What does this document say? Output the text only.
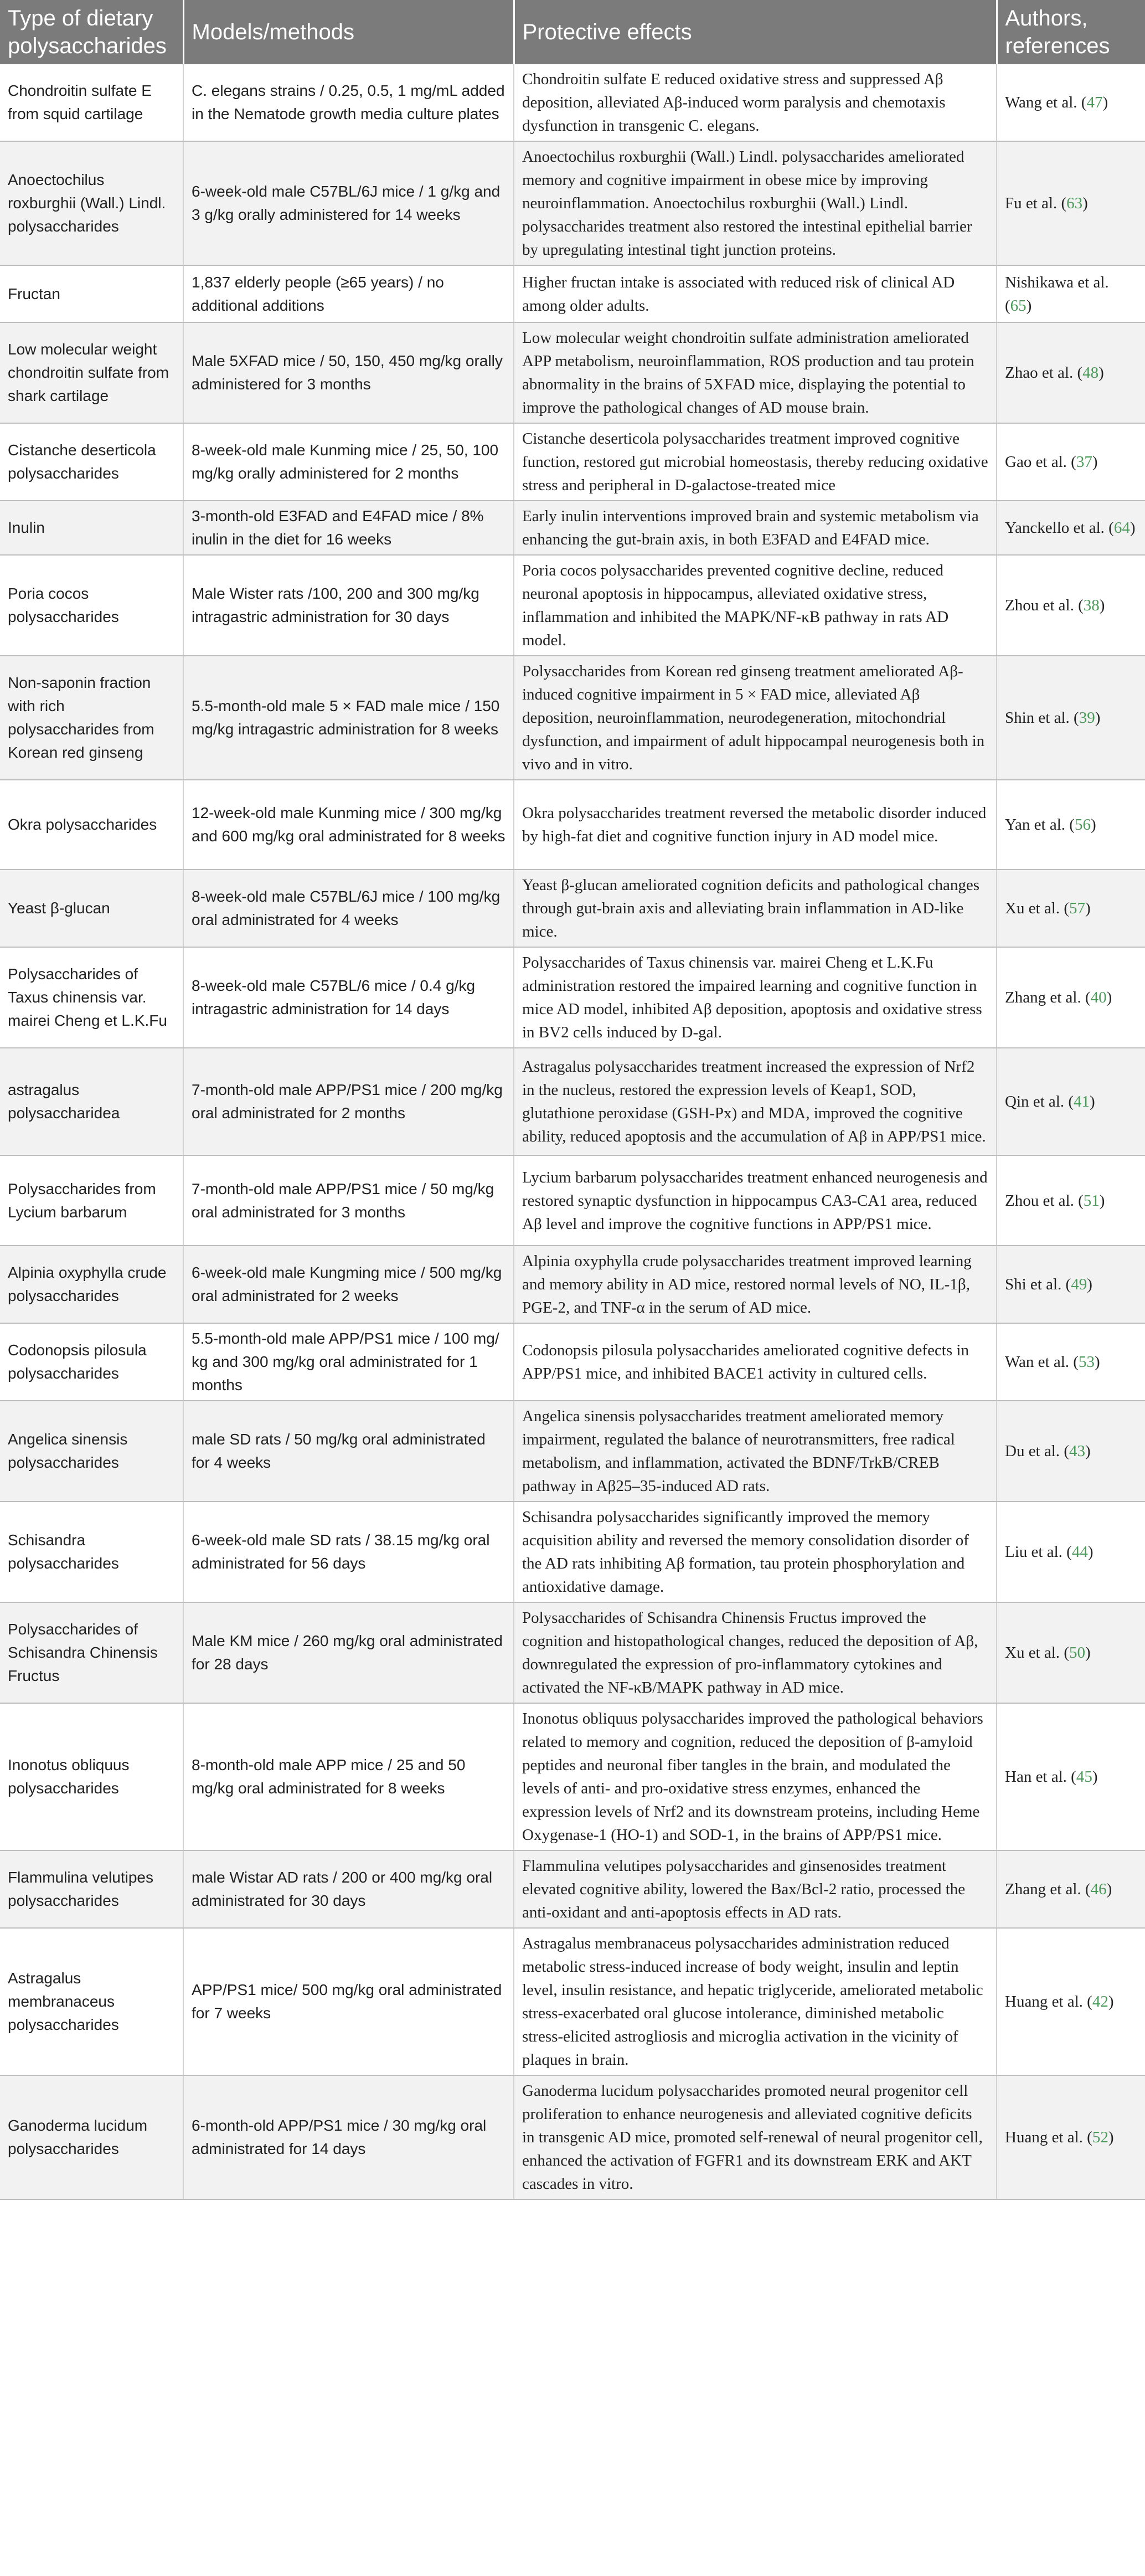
Type of dietary polysaccharides	Models/methods	Protective effects	Authors, references
Chondroitin sulfate E from squid cartilage	C. elegans strains / 0.25, 0.5, 1 mg/mL added in the Nematode growth media culture plates	Chondroitin sulfate E reduced oxidative stress and suppressed Aβ deposition, alleviated Aβ-induced worm paralysis and chemotaxis dysfunction in transgenic C. elegans.	Wang et al. (47)
Anoectochilus roxburghii (Wall.) Lindl. polysaccharides	6-week-old male C57BL/6J mice / 1 g/kg and 3 g/kg orally administered for 14 weeks	Anoectochilus roxburghii (Wall.) Lindl. polysaccharides ameliorated memory and cognitive impairment in obese mice by improving neuroinflammation. Anoectochilus roxburghii (Wall.) Lindl. polysaccharides treatment also restored the intestinal epithelial barrier by upregulating intestinal tight junction proteins.	Fu et al. (63)
Fructan	1,837 elderly people (≥65 years) / no additional additions	Higher fructan intake is associated with reduced risk of clinical AD among older adults.	Nishikawa et al. (65)
Low molecular weight chondroitin sulfate from shark cartilage	Male 5XFAD mice / 50, 150, 450 mg/kg orally administered for 3 months	Low molecular weight chondroitin sulfate administration ameliorated APP metabolism, neuroinflammation, ROS production and tau protein abnormality in the brains of 5XFAD mice, displaying the potential to improve the pathological changes of AD mouse brain.	Zhao et al. (48)
Cistanche deserticola polysaccharides	8-week-old male Kunming mice / 25, 50, 100 mg/kg orally administered for 2 months	Cistanche deserticola polysaccharides treatment improved cognitive function, restored gut microbial homeostasis, thereby reducing oxidative stress and peripheral in D-galactose-treated mice	Gao et al. (37)
Inulin	3-month-old E3FAD and E4FAD mice / 8% inulin in the diet for 16 weeks	Early inulin interventions improved brain and systemic metabolism via enhancing the gut-brain axis, in both E3FAD and E4FAD mice.	Yanckello et al. (64)
Poria cocos polysaccharides	Male Wister rats /100, 200 and 300 mg/kg intragastric administration for 30 days	Poria cocos polysaccharides prevented cognitive decline, reduced neuronal apoptosis in hippocampus, alleviated oxidative stress, inflammation and inhibited the MAPK/NF-κB pathway in rats AD model.	Zhou et al. (38)
Non-saponin fraction with rich polysaccharides from Korean red ginseng	5.5-month-old male 5 × FAD male mice / 150 mg/kg intragastric administration for 8 weeks	Polysaccharides from Korean red ginseng treatment ameliorated Aβ-induced cognitive impairment in 5 × FAD mice, alleviated Aβ deposition, neuroinflammation, neurodegeneration, mitochondrial dysfunction, and impairment of adult hippocampal neurogenesis both in vivo and in vitro.	Shin et al. (39)
Okra polysaccharides	12-week-old male Kunming mice / 300 mg/kg and 600 mg/kg oral administrated for 8 weeks	Okra polysaccharides treatment reversed the metabolic disorder induced by high-fat diet and cognitive function injury in AD model mice.	Yan et al. (56)
Yeast β-glucan	8-week-old male C57BL/6J mice / 100 mg/kg oral administrated for 4 weeks	Yeast β-glucan ameliorated cognition deficits and pathological changes through gut-brain axis and alleviating brain inflammation in AD-like mice.	Xu et al. (57)
Polysaccharides of Taxus chinensis var. mairei Cheng et L.K.Fu	8-week-old male C57BL/6 mice / 0.4 g/kg intragastric administration for 14 days	Polysaccharides of Taxus chinensis var. mairei Cheng et L.K.Fu administration restored the impaired learning and cognitive function in mice AD model, inhibited Aβ deposition, apoptosis and oxidative stress in BV2 cells induced by D-gal.	Zhang et al. (40)
astragalus polysaccharidea	7-month-old male APP/PS1 mice / 200 mg/kg oral administrated for 2 months	Astragalus polysaccharides treatment increased the expression of Nrf2 in the nucleus, restored the expression levels of Keap1, SOD, glutathione peroxidase (GSH-Px) and MDA, improved the cognitive ability, reduced apoptosis and the accumulation of Aβ in APP/PS1 mice.	Qin et al. (41)
Polysaccharides from Lycium barbarum	7-month-old male APP/PS1 mice / 50 mg/kg oral administrated for 3 months	Lycium barbarum polysaccharides treatment enhanced neurogenesis and restored synaptic dysfunction in hippocampus CA3-CA1 area, reduced Aβ level and improve the cognitive functions in APP/PS1 mice.	Zhou et al. (51)
Alpinia oxyphylla crude polysaccharides	6-week-old male Kungming mice / 500 mg/kg oral administrated for 2 weeks	Alpinia oxyphylla crude polysaccharides treatment improved learning and memory ability in AD mice, restored normal levels of NO, IL-1β, PGE-2, and TNF-α in the serum of AD mice.	Shi et al. (49)
Codonopsis pilosula polysaccharides	5.5-month-old male APP/PS1 mice / 100 mg/ kg and 300 mg/kg oral administrated for 1 months	Codonopsis pilosula polysaccharides ameliorated cognitive defects in APP/PS1 mice, and inhibited BACE1 activity in cultured cells.	Wan et al. (53)
Angelica sinensis polysaccharides	male SD rats / 50 mg/kg oral administrated for 4 weeks	Angelica sinensis polysaccharides treatment ameliorated memory impairment, regulated the balance of neurotransmitters, free radical metabolism, and inflammation, activated the BDNF/TrkB/CREB pathway in Aβ25–35-induced AD rats.	Du et al. (43)
Schisandra polysaccharides	6-week-old male SD rats / 38.15 mg/kg oral administrated for 56 days	Schisandra polysaccharides significantly improved the memory acquisition ability and reversed the memory consolidation disorder of the AD rats inhibiting Aβ formation, tau protein phosphorylation and antioxidative damage.	Liu et al. (44)
Polysaccharides of Schisandra Chinensis Fructus	Male KM mice / 260 mg/kg oral administrated for 28 days	Polysaccharides of Schisandra Chinensis Fructus improved the cognition and histopathological changes, reduced the deposition of Aβ, downregulated the expression of pro-inflammatory cytokines and activated the NF-κB/MAPK pathway in AD mice.	Xu et al. (50)
Inonotus obliquus polysaccharides	8-month-old male APP mice / 25 and 50 mg/kg oral administrated for 8 weeks	Inonotus obliquus polysaccharides improved the pathological behaviors related to memory and cognition, reduced the deposition of β-amyloid peptides and neuronal fiber tangles in the brain, and modulated the levels of anti- and pro-oxidative stress enzymes, enhanced the expression levels of Nrf2 and its downstream proteins, including Heme Oxygenase-1 (HO-1) and SOD-1, in the brains of APP/PS1 mice.	Han et al. (45)
Flammulina velutipes polysaccharides	male Wistar AD rats / 200 or 400 mg/kg oral administrated for 30 days	Flammulina velutipes polysaccharides and ginsenosides treatment elevated cognitive ability, lowered the Bax/Bcl-2 ratio, processed the anti-oxidant and anti-apoptosis effects in AD rats.	Zhang et al. (46)
Astragalus membranaceus polysaccharides	APP/PS1 mice/ 500 mg/kg oral administrated for 7 weeks	Astragalus membranaceus polysaccharides administration reduced metabolic stress-induced increase of body weight, insulin and leptin level, insulin resistance, and hepatic triglyceride, ameliorated metabolic stress-exacerbated oral glucose intolerance, diminished metabolic stress-elicited astrogliosis and microglia activation in the vicinity of plaques in brain.	Huang et al. (42)
Ganoderma lucidum polysaccharides	6-month-old APP/PS1 mice / 30 mg/kg oral administrated for 14 days	Ganoderma lucidum polysaccharides promoted neural progenitor cell proliferation to enhance neurogenesis and alleviated cognitive deficits in transgenic AD mice, promoted self-renewal of neural progenitor cell, enhanced the activation of FGFR1 and its downstream ERK and AKT cascades in vitro.	Huang et al. (52)
